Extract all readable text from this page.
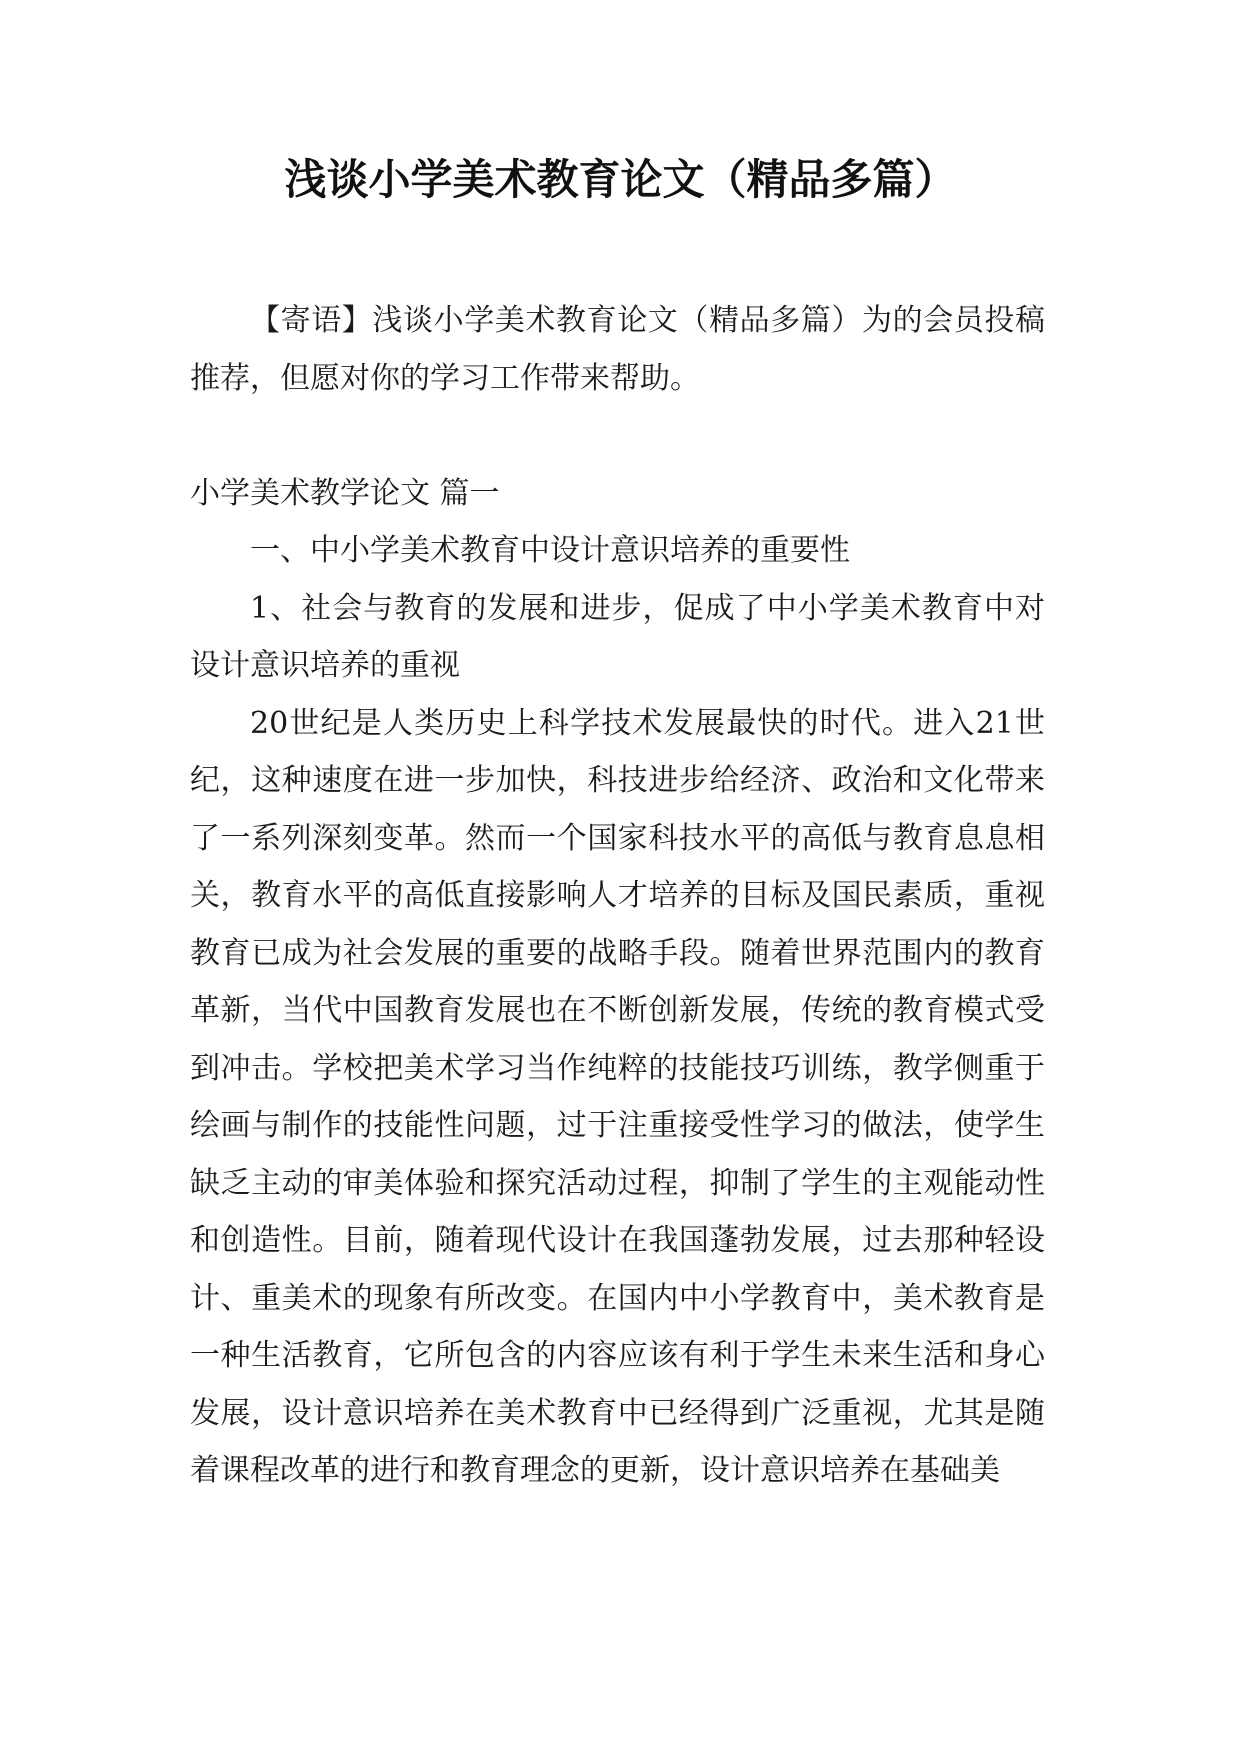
浅谈小学美术教育论文（精品多篇）

【寄语】浅谈小学美术教育论文（精品多篇）为的会员投稿推荐，但愿对你的学习工作带来帮助。

小学美术教学论文 篇一

一、中小学美术教育中设计意识培养的重要性

1、社会与教育的发展和进步，促成了中小学美术教育中对设计意识培养的重视

20世纪是人类历史上科学技术发展最快的时代。进入21世纪，这种速度在进一步加快，科技进步给经济、政治和文化带来了一系列深刻变革。然而一个国家科技水平的高低与教育息息相关，教育水平的高低直接影响人才培养的目标及国民素质，重视教育已成为社会发展的重要的战略手段。随着世界范围内的教育革新，当代中国教育发展也在不断创新发展，传统的教育模式受到冲击。学校把美术学习当作纯粹的技能技巧训练，教学侧重于绘画与制作的技能性问题，过于注重接受性学习的做法，使学生缺乏主动的审美体验和探究活动过程，抑制了学生的主观能动性和创造性。目前，随着现代设计在我国蓬勃发展，过去那种轻设计、重美术的现象有所改变。在国内中小学教育中，美术教育是一种生活教育，它所包含的内容应该有利于学生未来生活和身心发展，设计意识培养在美术教育中已经得到广泛重视，尤其是随着课程改革的进行和教育理念的更新，设计意识培养在基础美
